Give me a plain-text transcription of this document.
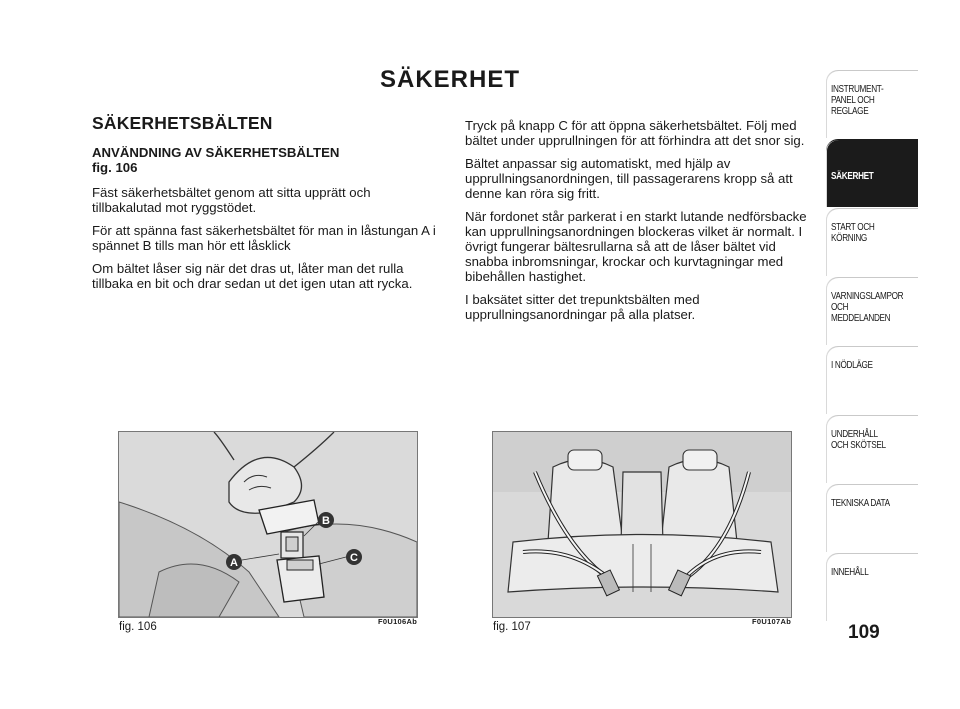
SÄKERHET
SÄKERHETSBÄLTEN
ANVÄNDNING AV SÄKERHETSBÄLTEN
fig. 106

Fäst säkerhetsbältet genom att sitta upprätt och tillbakalutad mot ryggstödet.

För att spänna fast säkerhetsbältet för man in låstungan A i spännet B tills man hör ett låsklick

Om bältet låser sig när det dras ut, låter man det rulla tillbaka en bit och drar sedan ut det igen utan att rycka.

Tryck på knapp C för att öppna säkerhetsbältet. Följ med bältet under upprullningen för att förhindra att det snor sig.

Bältet anpassar sig automatiskt, med hjälp av upprullningsanordningen, till passagerarens kropp så att denne kan röra sig fritt.

När fordonet står parkerat i en starkt lutande nedförsbacke kan upprullningsanordningen blockeras vilket är normalt. I övrigt fungerar bältesrullarna så att de låser bältet vid snabba inbromsningar, krockar och kurvtagningar med bibehållen hastighet.

I baksätet sitter det trepunktsbälten med upprullningsanordningar på alla platser.

A
B
C
fig. 106	F0U106Ab	fig. 107	F0U107Ab
INSTRUMENT-
PANEL OCH
REGLAGE
SÄKERHET
START OCH
KÖRNING
VARNINGSLAMPOR
OCH
MEDDELANDEN
I NÖDLÄGE
UNDERHÅLL
OCH SKÖTSEL
TEKNISKA DATA
INNEHÅLL
109
